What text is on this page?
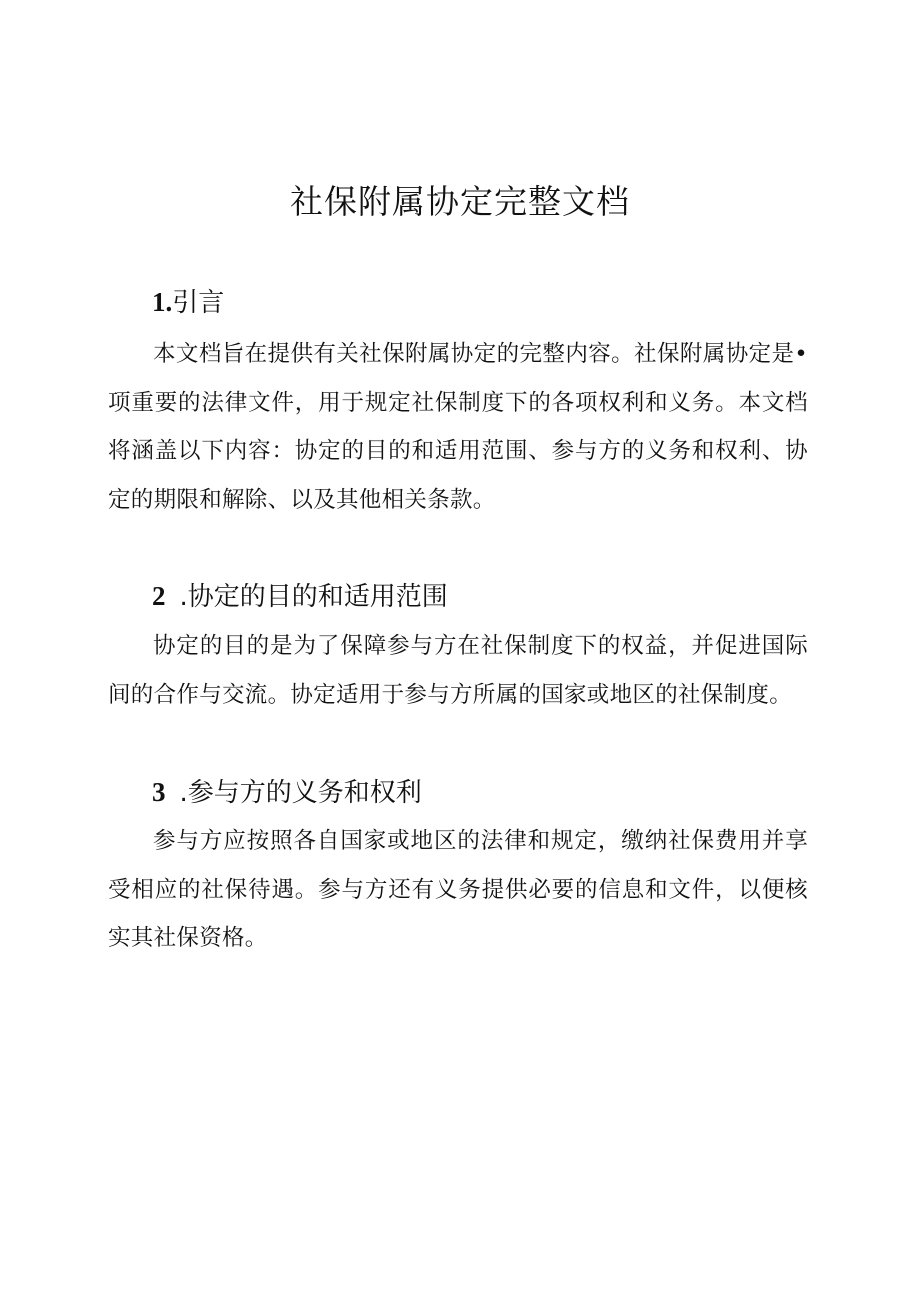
社保附属协定完整文档
1.引言

本文档旨在提供有关社保附属协定的完整内容。社保附属协定是•项重要的法律文件，用于规定社保制度下的各项权利和义务。本文档将涵盖以下内容：协定的目的和适用范围、参与方的义务和权利、协定的期限和解除、以及其他相关条款。

2 .协定的目的和适用范围

协定的目的是为了保障参与方在社保制度下的权益，并促进国际间的合作与交流。协定适用于参与方所属的国家或地区的社保制度。

3 .参与方的义务和权利

参与方应按照各自国家或地区的法律和规定，缴纳社保费用并享受相应的社保待遇。参与方还有义务提供必要的信息和文件，以便核实其社保资格。
